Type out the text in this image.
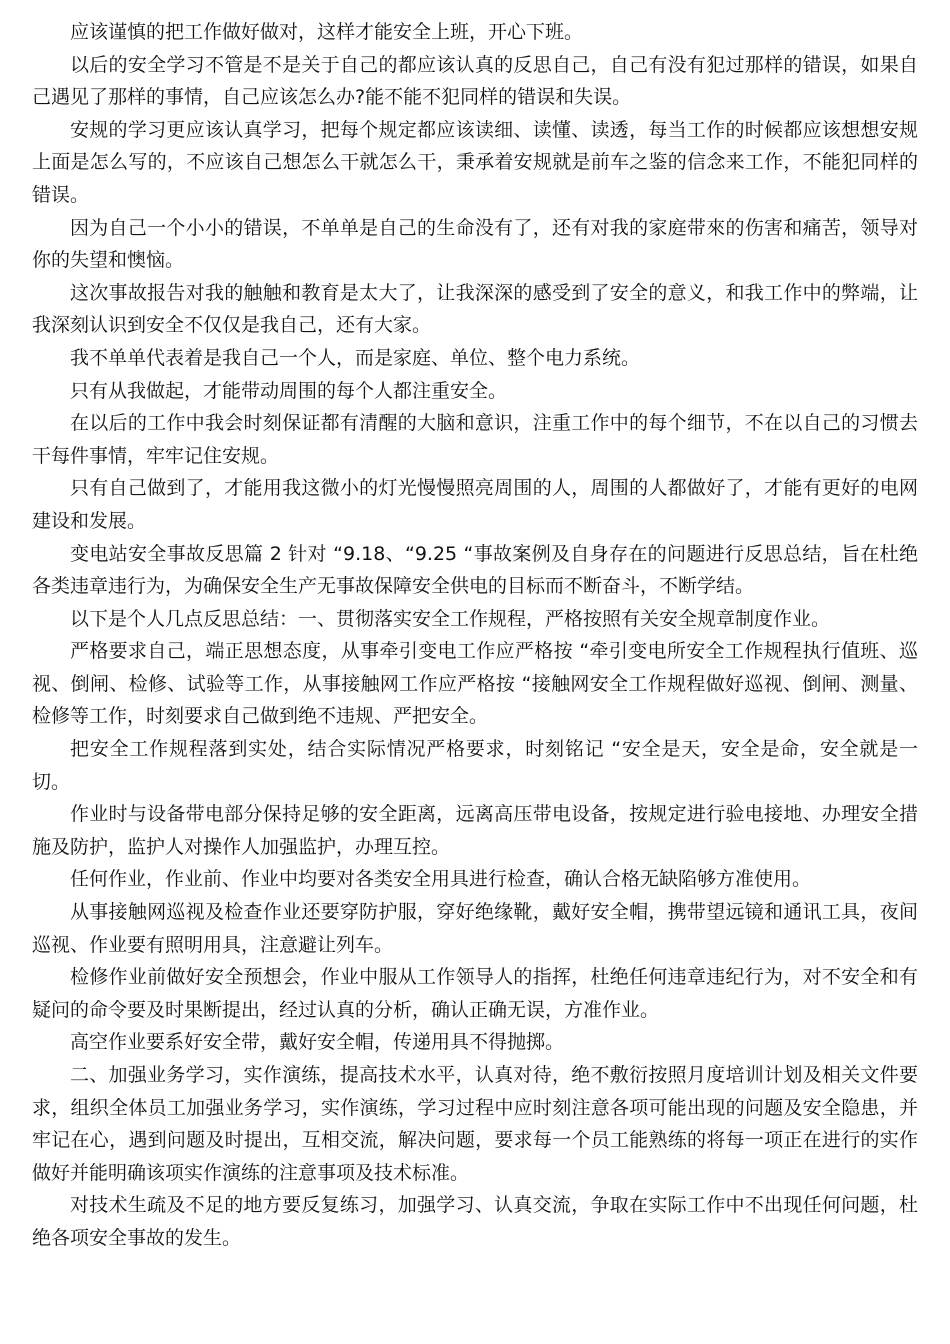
应该谨慎的把工作做好做对，这样才能安全上班，开心下班。

以后的安全学习不管是不是关于自己的都应该认真的反思自己，自己有没有犯过那样的错误，如果自己遇见了那样的事情，自己应该怎么办?能不能不犯同样的错误和失误。

安规的学习更应该认真学习，把每个规定都应该读细、读懂、读透，每当工作的时候都应该想想安规上面是怎么写的，不应该自己想怎么干就怎么干，秉承着安规就是前车之鉴的信念来工作，不能犯同样的错误。

因为自己一个小小的错误，不单单是自己的生命没有了，还有对我的家庭带來的伤害和痛苦，领导对你的失望和懊恼。

这次事故报告对我的触触和教育是太大了，让我深深的感受到了安全的意义，和我工作中的弊端，让我深刻认识到安全不仅仅是我自己，还有大家。

我不单单代表着是我自己一个人，而是家庭、单位、整个电力系统。

只有从我做起，才能带动周围的每个人都注重安全。

在以后的工作中我会时刻保证都有清醒的大脑和意识，注重工作中的每个细节，不在以自己的习惯去干每件事情，牢牢记住安规。

只有自己做到了，才能用我这微小的灯光慢慢照亮周围的人，周围的人都做好了，才能有更好的电网建设和发展。

变电站安全事故反思篇 2 针对 “9.18、“9.25 “事故案例及自身存在的问题进行反思总结，旨在杜绝各类违章违行为，为确保安全生产无事故保障安全供电的目标而不断奋斗，不断学结。

以下是个人几点反思总结：一、贯彻落实安全工作规程，严格按照有关安全规章制度作业。

严格要求自己，端正思想态度，从事牵引变电工作应严格按 “牵引变电所安全工作规程执行值班、巡视、倒闸、检修、试验等工作，从事接触网工作应严格按 “接触网安全工作规程做好巡视、倒闸、测量、检修等工作，时刻要求自己做到绝不违规、严把安全。

把安全工作规程落到实处，结合实际情况严格要求，时刻铭记 “安全是天，安全是命，安全就是一切。

作业时与设备带电部分保持足够的安全距离，远离高压带电设备，按规定进行验电接地、办理安全措施及防护，监护人对操作人加强监护，办理互控。

任何作业，作业前、作业中均要对各类安全用具进行检查，确认合格无缺陷够方准使用。

从事接触网巡视及检查作业还要穿防护服，穿好绝缘靴，戴好安全帽，携带望远镜和通讯工具，夜间巡视、作业要有照明用具，注意避让列车。

检修作业前做好安全预想会，作业中服从工作领导人的指挥，杜绝任何违章违纪行为，对不安全和有疑问的命令要及时果断提出，经过认真的分析，确认正确无误，方准作业。

高空作业要系好安全带，戴好安全帽，传递用具不得抛掷。

二、加强业务学习，实作演练，提高技术水平，认真对待，绝不敷衍按照月度培训计划及相关文件要求，组织全体员工加强业务学习，实作演练，学习过程中应时刻注意各项可能出现的问题及安全隐患，并牢记在心，遇到问题及时提出，互相交流，解决问题，要求每一个员工能熟练的将每一项正在进行的实作做好并能明确该项实作演练的注意事项及技术标准。

对技术生疏及不足的地方要反复练习，加强学习、认真交流，争取在实际工作中不出现任何问题，杜绝各项安全事故的发生。
